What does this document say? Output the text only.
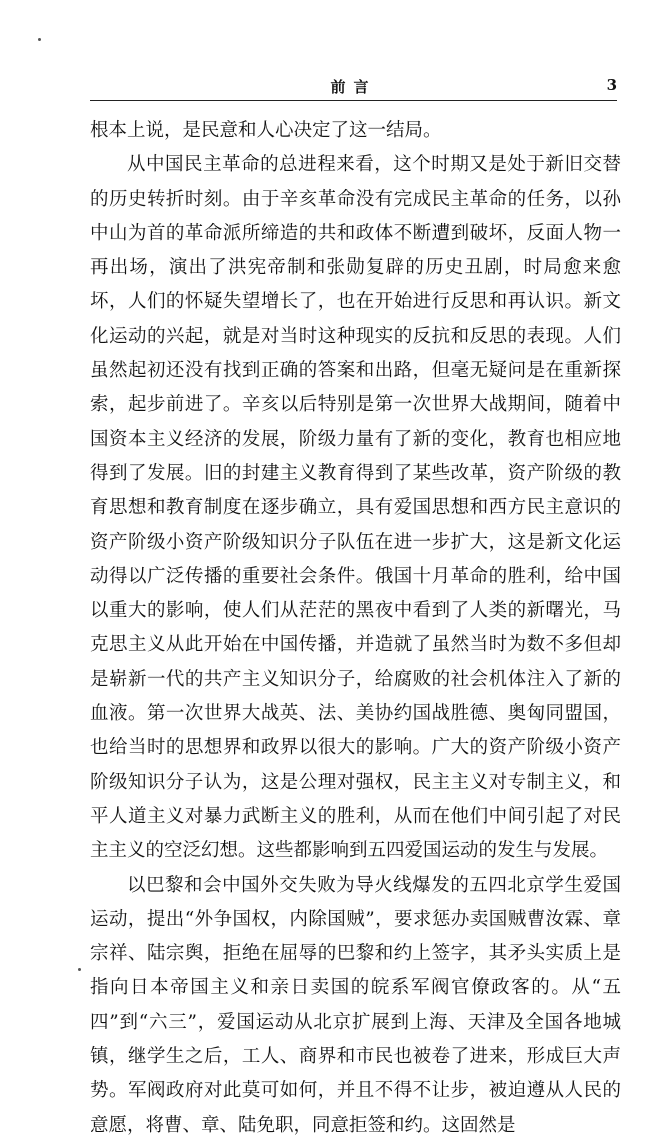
前言	3

根本上说，是民意和人心决定了这一结局。

从中国民主革命的总进程来看，这个时期又是处于新旧交替的历史转折时刻。由于辛亥革命没有完成民主革命的任务，以孙中山为首的革命派所缔造的共和政体不断遭到破坏，反面人物一再出场，演出了洪宪帝制和张勋复辟的历史丑剧，时局愈来愈坏，人们的怀疑失望增长了，也在开始进行反思和再认识。新文化运动的兴起，就是对当时这种现实的反抗和反思的表现。人们虽然起初还没有找到正确的答案和出路，但毫无疑问是在重新探索，起步前进了。辛亥以后特别是第一次世界大战期间，随着中国资本主义经济的发展，阶级力量有了新的变化，教育也相应地得到了发展。旧的封建主义教育得到了某些改革，资产阶级的教育思想和教育制度在逐步确立，具有爱国思想和西方民主意识的资产阶级小资产阶级知识分子队伍在进一步扩大，这是新文化运动得以广泛传播的重要社会条件。俄国十月革命的胜利，给中国以重大的影响，使人们从茫茫的黑夜中看到了人类的新曙光，马克思主义从此开始在中国传播，并造就了虽然当时为数不多但却是崭新一代的共产主义知识分子，给腐败的社会机体注入了新的血液。第一次世界大战英、法、美协约国战胜德、奥匈同盟国，也给当时的思想界和政界以很大的影响。广大的资产阶级小资产阶级知识分子认为，这是公理对强权，民主主义对专制主义，和平人道主义对暴力武断主义的胜利，从而在他们中间引起了对民主主义的空泛幻想。这些都影响到五四爱国运动的发生与发展。

以巴黎和会中国外交失败为导火线爆发的五四北京学生爱国运动，提出“外争国权，内除国贼”，要求惩办卖国贼曹汝霖、章宗祥、陆宗舆，拒绝在屈辱的巴黎和约上签字，其矛头实质上是指向日本帝国主义和亲日卖国的皖系军阀官僚政客的。从“五四”到“六三”，爱国运动从北京扩展到上海、天津及全国各地城镇，继学生之后，工人、商界和市民也被卷了进来，形成巨大声势。军阀政府对此莫可如何，并且不得不让步，被迫遵从人民的意愿，将曹、章、陆免职，同意拒签和约。这固然是
